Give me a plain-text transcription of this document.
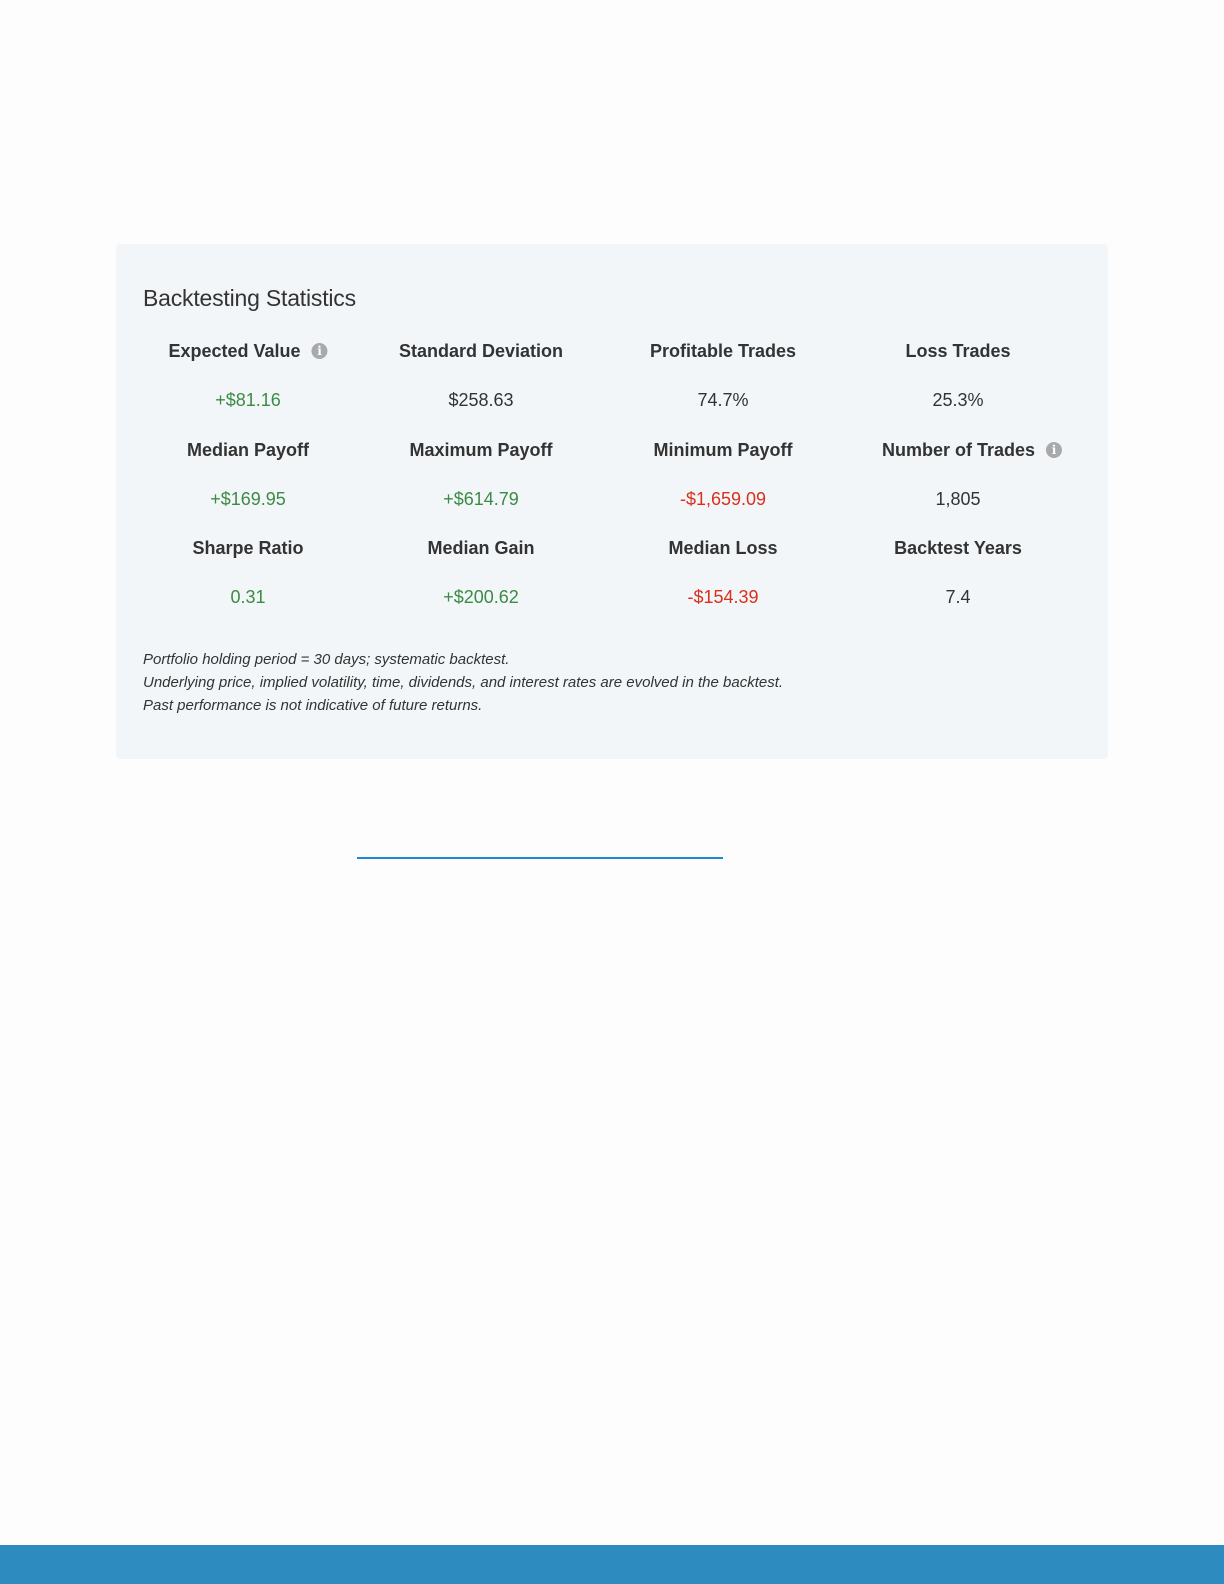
Backtesting Statistics
Expected Value	i
+$81.16
Standard Deviation
$258.63
Profitable Trades
74.7%
Loss Trades
25.3%
Median Payoff
+$169.95
Maximum Payoff
+$614.79
Minimum Payoff
-$1,659.09
Number of Trades	i
1,805
Sharpe Ratio
0.31
Median Gain
+$200.62
Median Loss
-$154.39
Backtest Years
7.4
Portfolio holding period = 30 days; systematic backtest.
Underlying price, implied volatility, time, dividends, and interest rates are evolved in the backtest.
Past performance is not indicative of future returns.
